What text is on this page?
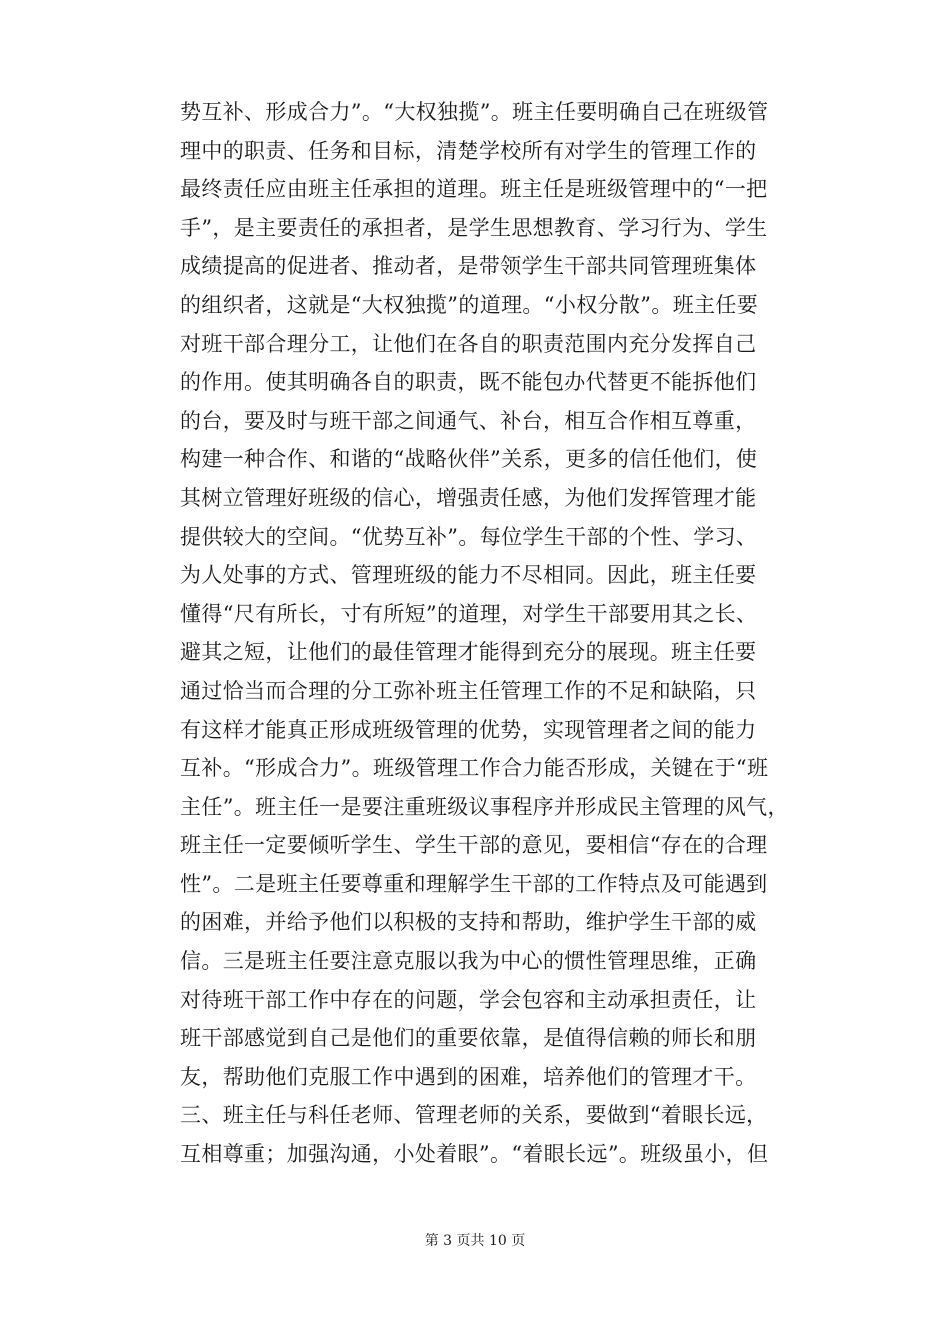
势互补、形成合力”。“大权独揽”。班主任要明确自己在班级管
理中的职责、任务和目标，清楚学校所有对学生的管理工作的
最终责任应由班主任承担的道理。班主任是班级管理中的“一把
手”，是主要责任的承担者，是学生思想教育、学习行为、学生
成绩提高的促进者、推动者，是带领学生干部共同管理班集体
的组织者，这就是“大权独揽”的道理。“小权分散”。班主任要
对班干部合理分工，让他们在各自的职责范围内充分发挥自己
的作用。使其明确各自的职责，既不能包办代替更不能拆他们
的台，要及时与班干部之间通气、补台，相互合作相互尊重，
构建一种合作、和谐的“战略伙伴”关系，更多的信任他们，使
其树立管理好班级的信心，增强责任感，为他们发挥管理才能
提供较大的空间。“优势互补”。每位学生干部的个性、学习、
为人处事的方式、管理班级的能力不尽相同。因此，班主任要
懂得“尺有所长，寸有所短”的道理，对学生干部要用其之长、
避其之短，让他们的最佳管理才能得到充分的展现。班主任要
通过恰当而合理的分工弥补班主任管理工作的不足和缺陷，只
有这样才能真正形成班级管理的优势，实现管理者之间的能力
互补。“形成合力”。班级管理工作合力能否形成，关键在于“班
主任”。班主任一是要注重班级议事程序并形成民主管理的风气，
班主任一定要倾听学生、学生干部的意见，要相信“存在的合理
性”。二是班主任要尊重和理解学生干部的工作特点及可能遇到
的困难，并给予他们以积极的支持和帮助，维护学生干部的威
信。三是班主任要注意克服以我为中心的惯性管理思维，正确
对待班干部工作中存在的问题，学会包容和主动承担责任，让
班干部感觉到自己是他们的重要依靠，是值得信赖的师长和朋
友，帮助他们克服工作中遇到的困难，培养他们的管理才干。
三、班主任与科任老师、管理老师的关系，要做到“着眼长远，
互相尊重；加强沟通，小处着眼”。“着眼长远”。班级虽小，但
第 3 页共 10 页
